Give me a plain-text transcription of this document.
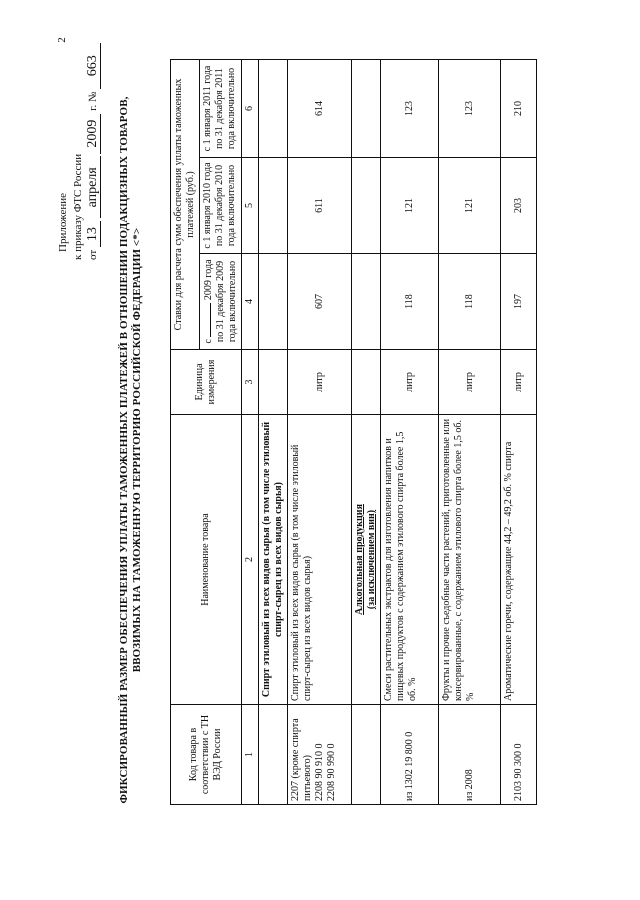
2
Приложение к приказу ФТС России от 13 апреля 2009 г. № 663
ФИКСИРОВАННЫЙ РАЗМЕР ОБЕСПЕЧЕНИЯ УПЛАТЫ ТАМОЖЕННЫХ ПЛАТЕЖЕЙ В ОТНОШЕНИИ ПОДАКЦИЗНЫХ ТОВАРОВ, ВВОЗИМЫХ НА ТАМОЖЕННУЮ ТЕРРИТОРИЮ РОССИЙСКОЙ ФЕДЕРАЦИИ <*>
Код товара в соответствии с ТН ВЭД России	Наименование товара	Единица измерения	Ставки для расчета сумм обеспечения уплаты таможенных платежей (руб.)		
			с  2009 года по 31 декабря 2009 года включительно	с 1 января 2010 года по 31 декабря 2010 года включительно	с 1 января 2011 года по 31 декабря 2011 года включительно
1	2	3	4	5	6
	Спирт этиловый из всех видов сырья (в том числе этиловый спирт-сырец из всех видов сырья)				

2207 (кроме спирта питьевого) 2208 90 910 0 2208 90 990 0	Спирт этиловый из всех видов сырья (в том числе этиловый спирт-сырец из всех видов сырья)	литр	607	611	614

	Алкогольная продукция (за исключением вин)				

из 1302 19 800 0	Смеси растительных экстрактов для изготовления напитков и пищевых продуктов с содержанием этилового спирта более 1,5 об. %	литр	118	121	123
из 2008	Фрукты и прочие съедобные части растений, приготовленные или консервированные, с содержанием этилового спирта более 1,5 об. %	литр	118	121	123
2103 90 300 0	Ароматические горечи, содержащие 44,2 – 49,2 об. % спирта	литр	197	203	210
